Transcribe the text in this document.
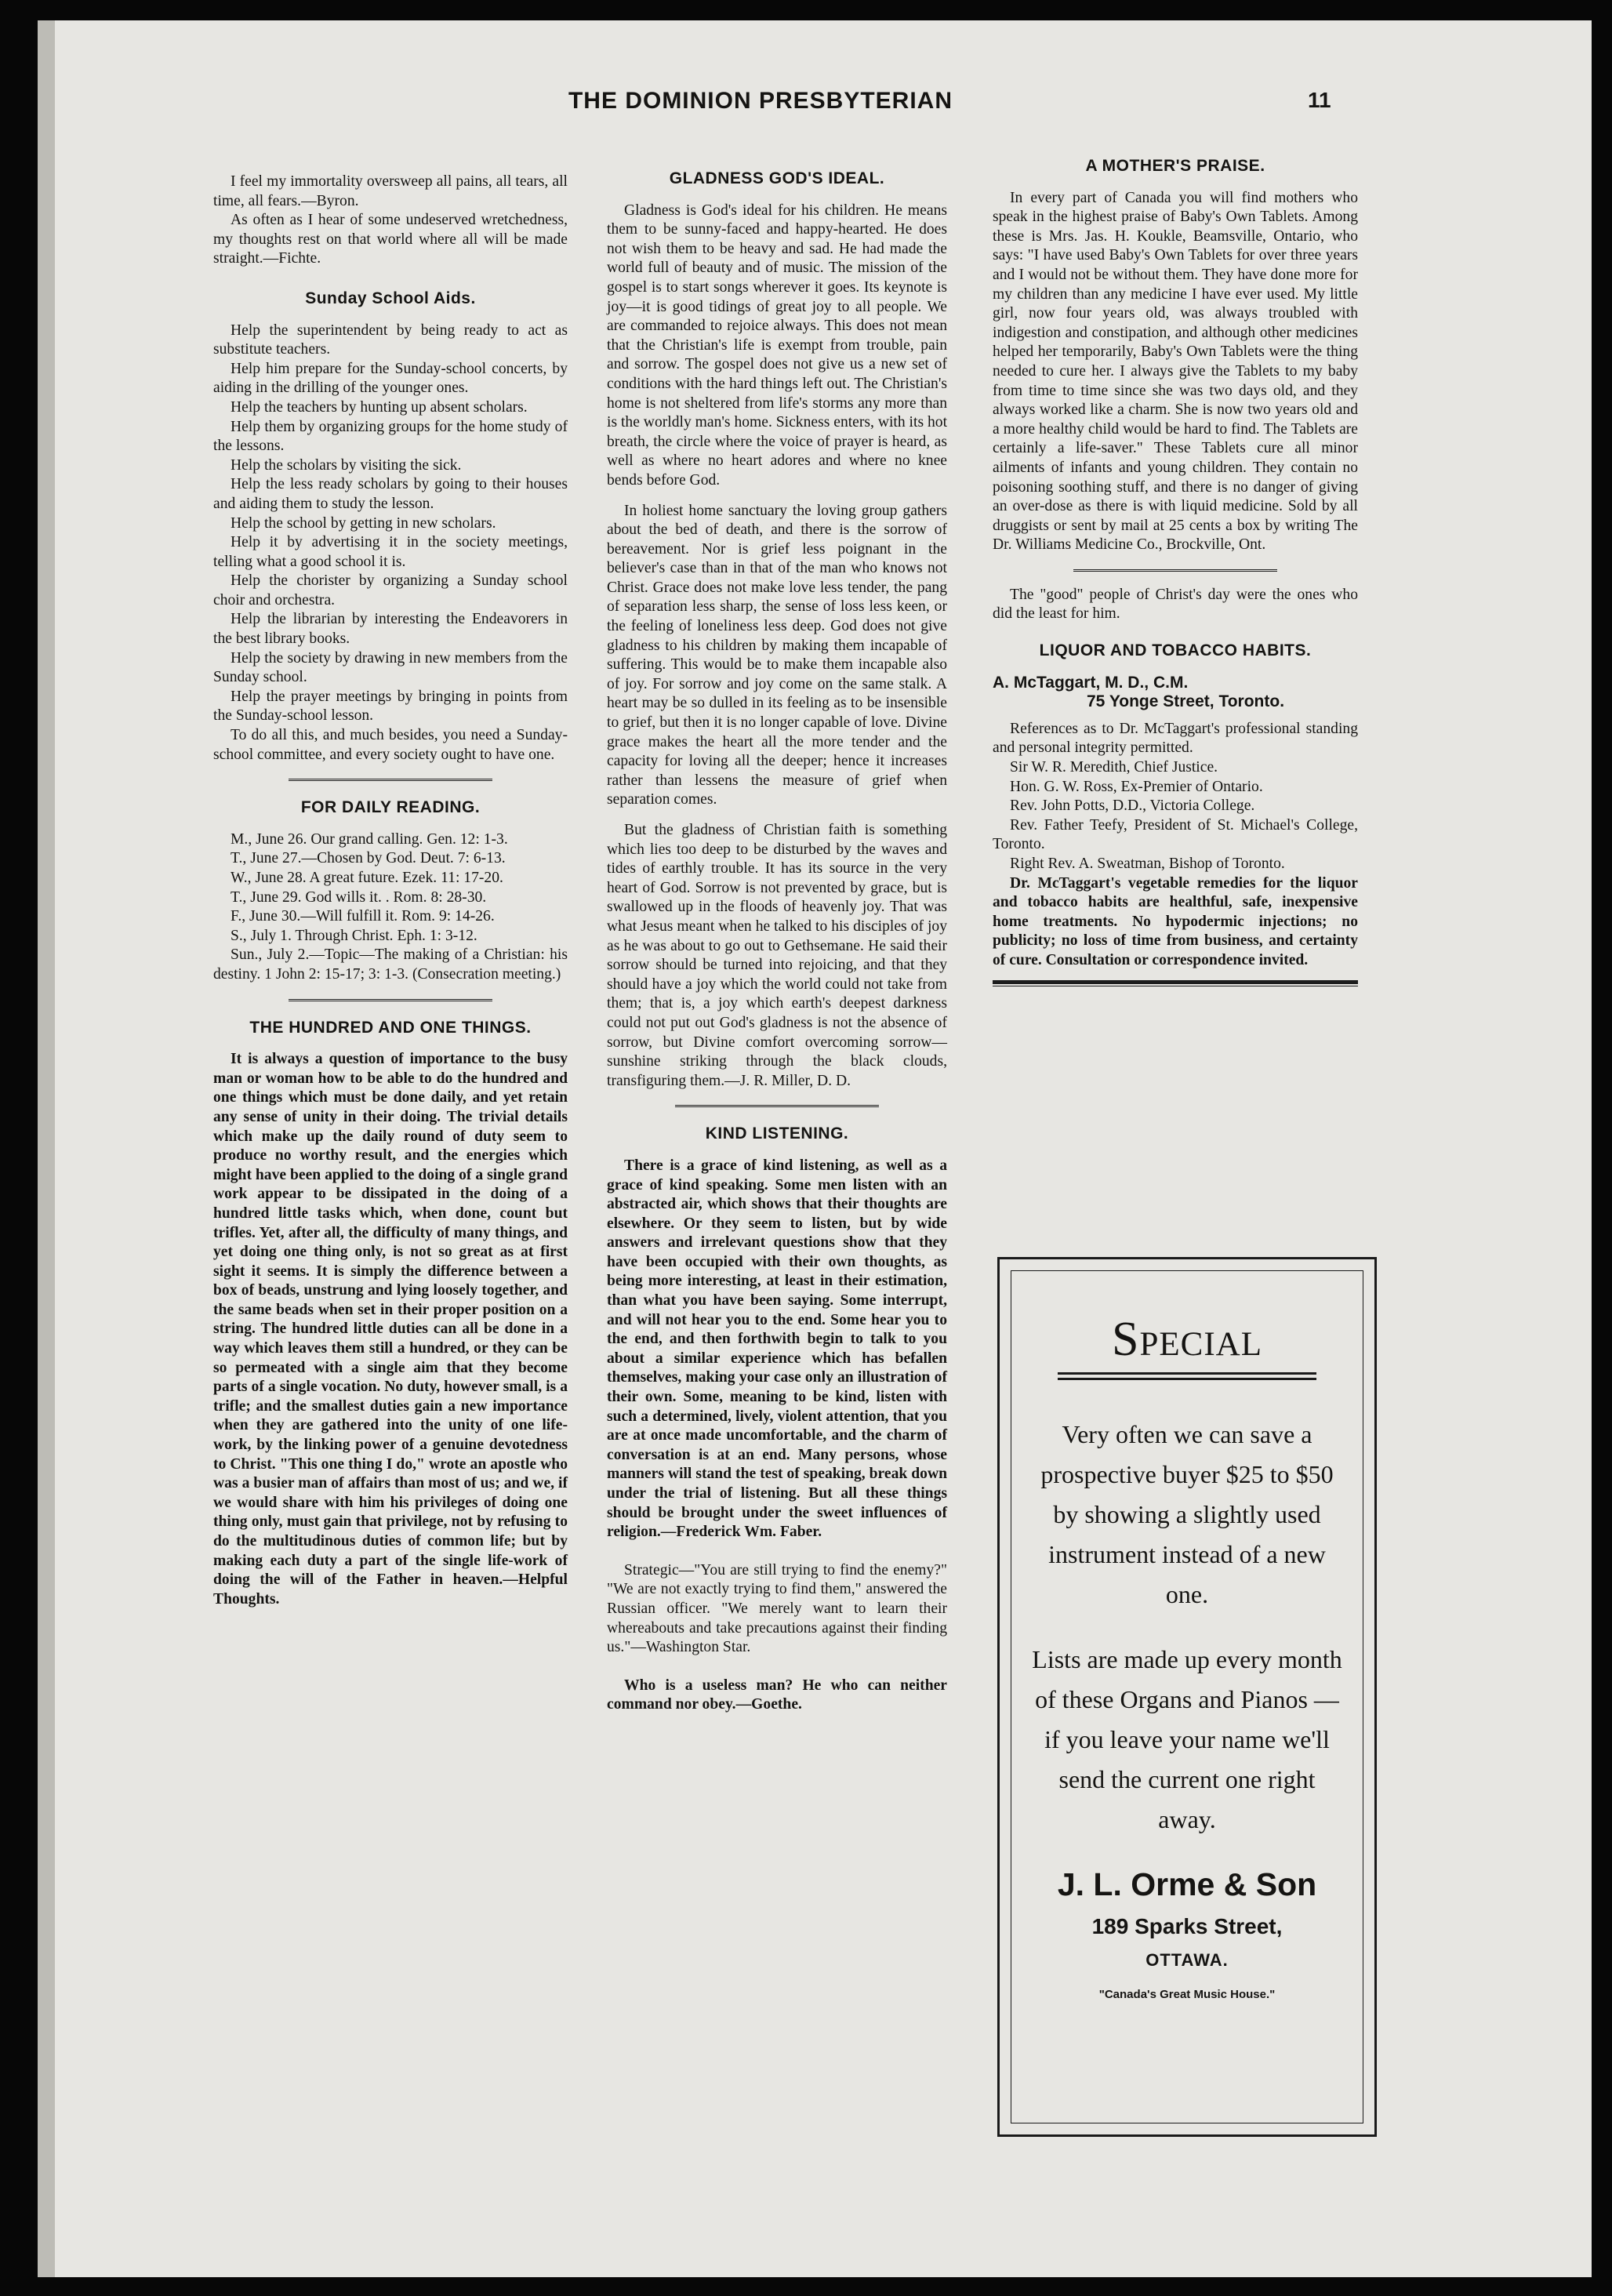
THE DOMINION PRESBYTERIAN	11

I feel my immortality oversweep all pains, all tears, all time, all fears.—Byron.

As often as I hear of some undeserved wretchedness, my thoughts rest on that world where all will be made straight.—Fichte.

Sunday School Aids.

Help the superintendent by being ready to act as substitute teachers.

Help him prepare for the Sunday-school concerts, by aiding in the drilling of the younger ones.

Help the teachers by hunting up absent scholars.

Help them by organizing groups for the home study of the lessons.

Help the scholars by visiting the sick.

Help the less ready scholars by going to their houses and aiding them to study the lesson.

Help the school by getting in new scholars.

Help it by advertising it in the society meetings, telling what a good school it is.

Help the chorister by organizing a Sunday school choir and orchestra.

Help the librarian by interesting the Endeavorers in the best library books.

Help the society by drawing in new members from the Sunday school.

Help the prayer meetings by bringing in points from the Sunday-school lesson.

To do all this, and much besides, you need a Sunday-school committee, and every society ought to have one.

FOR DAILY READING.

M., June 26. Our grand calling. Gen. 12: 1-3.

T., June 27.—Chosen by God. Deut. 7: 6-13.

W., June 28. A great future. Ezek. 11: 17-20.

T., June 29. God wills it. . Rom. 8: 28-30.

F., June 30.—Will fulfill it. Rom. 9: 14-26.

S., July 1. Through Christ. Eph. 1: 3-12.

Sun., July 2.—Topic—The making of a Christian: his destiny. 1 John 2: 15-17; 3: 1-3. (Consecration meeting.)

THE HUNDRED AND ONE THINGS.

It is always a question of importance to the busy man or woman how to be able to do the hundred and one things which must be done daily, and yet retain any sense of unity in their doing. The trivial details which make up the daily round of duty seem to produce no worthy result, and the energies which might have been applied to the doing of a single grand work appear to be dissipated in the doing of a hundred little tasks which, when done, count but trifles. Yet, after all, the difficulty of many things, and yet doing one thing only, is not so great as at first sight it seems. It is simply the difference between a box of beads, unstrung and lying loosely together, and the same beads when set in their proper position on a string. The hundred little duties can all be done in a way which leaves them still a hundred, or they can be so permeated with a single aim that they become parts of a single vocation. No duty, however small, is a trifle; and the smallest duties gain a new importance when they are gathered into the unity of one life-work, by the linking power of a genuine devotedness to Christ. "This one thing I do," wrote an apostle who was a busier man of affairs than most of us; and we, if we would share with him his privileges of doing one thing only, must gain that privilege, not by refusing to do the multitudinous duties of common life; but by making each duty a part of the single life-work of doing the will of the Father in heaven.—Helpful Thoughts.

GLADNESS GOD'S IDEAL.

Gladness is God's ideal for his children. He means them to be sunny-faced and happy-hearted. He does not wish them to be heavy and sad. He had made the world full of beauty and of music. The mission of the gospel is to start songs wherever it goes. Its keynote is joy—it is good tidings of great joy to all people. We are commanded to rejoice always. This does not mean that the Christian's life is exempt from trouble, pain and sorrow. The gospel does not give us a new set of conditions with the hard things left out. The Christian's home is not sheltered from life's storms any more than is the worldly man's home. Sickness enters, with its hot breath, the circle where the voice of prayer is heard, as well as where no heart adores and where no knee bends before God.

In holiest home sanctuary the loving group gathers about the bed of death, and there is the sorrow of bereavement. Nor is grief less poignant in the believer's case than in that of the man who knows not Christ. Grace does not make love less tender, the pang of separation less sharp, the sense of loss less keen, or the feeling of loneliness less deep. God does not give gladness to his children by making them incapable of suffering. This would be to make them incapable also of joy. For sorrow and joy come on the same stalk. A heart may be so dulled in its feeling as to be insensible to grief, but then it is no longer capable of love. Divine grace makes the heart all the more tender and the capacity for loving all the deeper; hence it increases rather than lessens the measure of grief when separation comes.

But the gladness of Christian faith is something which lies too deep to be disturbed by the waves and tides of earthly trouble. It has its source in the very heart of God. Sorrow is not prevented by grace, but is swallowed up in the floods of heavenly joy. That was what Jesus meant when he talked to his disciples of joy as he was about to go out to Gethsemane. He said their sorrow should be turned into rejoicing, and that they should have a joy which the world could not take from them; that is, a joy which earth's deepest darkness could not put out God's gladness is not the absence of sorrow, but Divine comfort overcoming sorrow—sunshine striking through the black clouds, transfiguring them.—J. R. Miller, D. D.

KIND LISTENING.

There is a grace of kind listening, as well as a grace of kind speaking. Some men listen with an abstracted air, which shows that their thoughts are elsewhere. Or they seem to listen, but by wide answers and irrelevant questions show that they have been occupied with their own thoughts, as being more interesting, at least in their estimation, than what you have been saying. Some interrupt, and will not hear you to the end. Some hear you to the end, and then forthwith begin to talk to you about a similar experience which has befallen themselves, making your case only an illustration of their own. Some, meaning to be kind, listen with such a determined, lively, violent attention, that you are at once made uncomfortable, and the charm of conversation is at an end. Many persons, whose manners will stand the test of speaking, break down under the trial of listening. But all these things should be brought under the sweet influences of religion.—Frederick Wm. Faber.

Strategic—"You are still trying to find the enemy?" "We are not exactly trying to find them," answered the Russian officer. "We merely want to learn their whereabouts and take precautions against their finding us."—Washington Star.

Who is a useless man? He who can neither command nor obey.—Goethe.

A MOTHER'S PRAISE.

In every part of Canada you will find mothers who speak in the highest praise of Baby's Own Tablets. Among these is Mrs. Jas. H. Koukle, Beamsville, Ontario, who says: "I have used Baby's Own Tablets for over three years and I would not be without them. They have done more for my children than any medicine I have ever used. My little girl, now four years old, was always troubled with indigestion and constipation, and although other medicines helped her temporarily, Baby's Own Tablets were the thing needed to cure her. I always give the Tablets to my baby from time to time since she was two days old, and they always worked like a charm. She is now two years old and a more healthy child would be hard to find. The Tablets are certainly a life-saver." These Tablets cure all minor ailments of infants and young children. They contain no poisoning soothing stuff, and there is no danger of giving an over-dose as there is with liquid medicine. Sold by all druggists or sent by mail at 25 cents a box by writing The Dr. Williams Medicine Co., Brockville, Ont.

The "good" people of Christ's day were the ones who did the least for him.

LIQUOR AND TOBACCO HABITS.

A. McTaggart, M. D., C.M.

75 Yonge Street, Toronto.

References as to Dr. McTaggart's professional standing and personal integrity permitted.

Sir W. R. Meredith, Chief Justice.

Hon. G. W. Ross, Ex-Premier of Ontario.

Rev. John Potts, D.D., Victoria College.

Rev. Father Teefy, President of St. Michael's College, Toronto.

Right Rev. A. Sweatman, Bishop of Toronto.

Dr. McTaggart's vegetable remedies for the liquor and tobacco habits are healthful, safe, inexpensive home treatments. No hypodermic injections; no publicity; no loss of time from business, and certainty of cure. Consultation or correspondence invited.

Special
Very often we can save a prospective buyer $25 to $50 by showing a slightly used instrument instead of a new one.
Lists are made up every month of these Organs and Pianos — if you leave your name we'll send the current one right away.
J. L. Orme & Son
189 Sparks Street,
OTTAWA.
"Canada's Great Music House."
